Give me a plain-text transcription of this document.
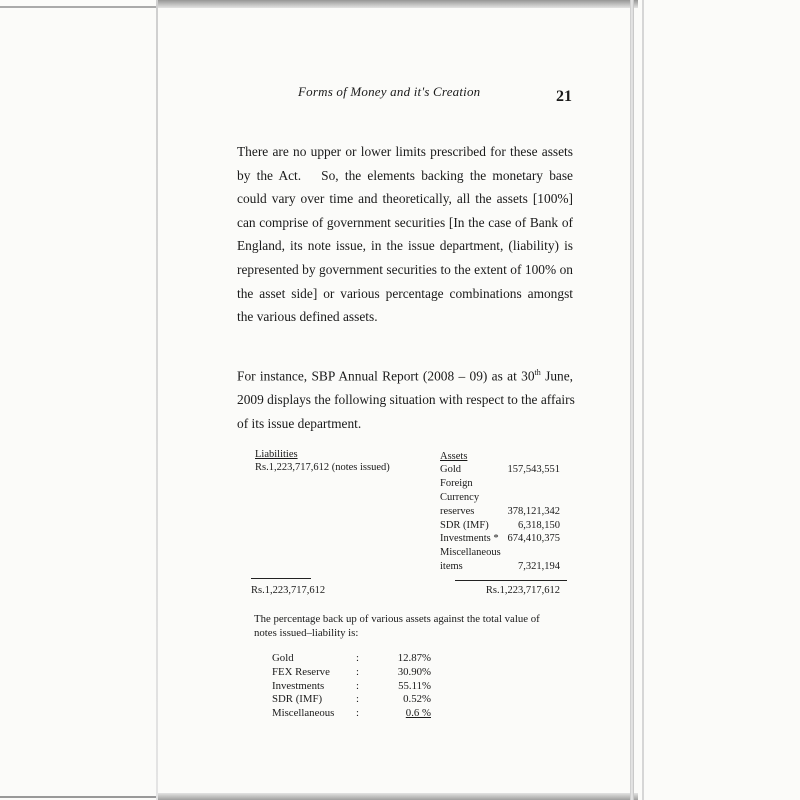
Forms of Money and it's Creation	21
There are no upper or lower limits prescribed for these assets
by the Act. So, the elements backing the monetary base
could vary over time and theoretically, all the assets [100%]
can comprise of government securities [In the case of Bank of
England, its note issue, in the issue department, (liability) is
represented by government securities to the extent of 100% on
the asset side] or various percentage combinations amongst
the various defined assets.
For instance, SBP Annual Report (2008 – 09) as at 30th June,
2009 displays the following situation with respect to the affairs
of its issue department.
Liabilities
Rs.1,223,717,612 (notes issued)
Assets
Gold	157,543,551
Foreign
Currency
reserves	378,121,342
SDR (IMF)	6,318,150
Investments * 674,410,375
Miscellaneous
items	7,321,194
Rs.1,223,717,612	Rs.1,223,717,612
The percentage back up of various assets against the total value of notes issued–liability is:
Gold	:	12.87%
FEX Reserve :	30.90%
Investments	:	55.11%
SDR (IMF)	:	0.52%
Miscellaneous :	0.6 %
